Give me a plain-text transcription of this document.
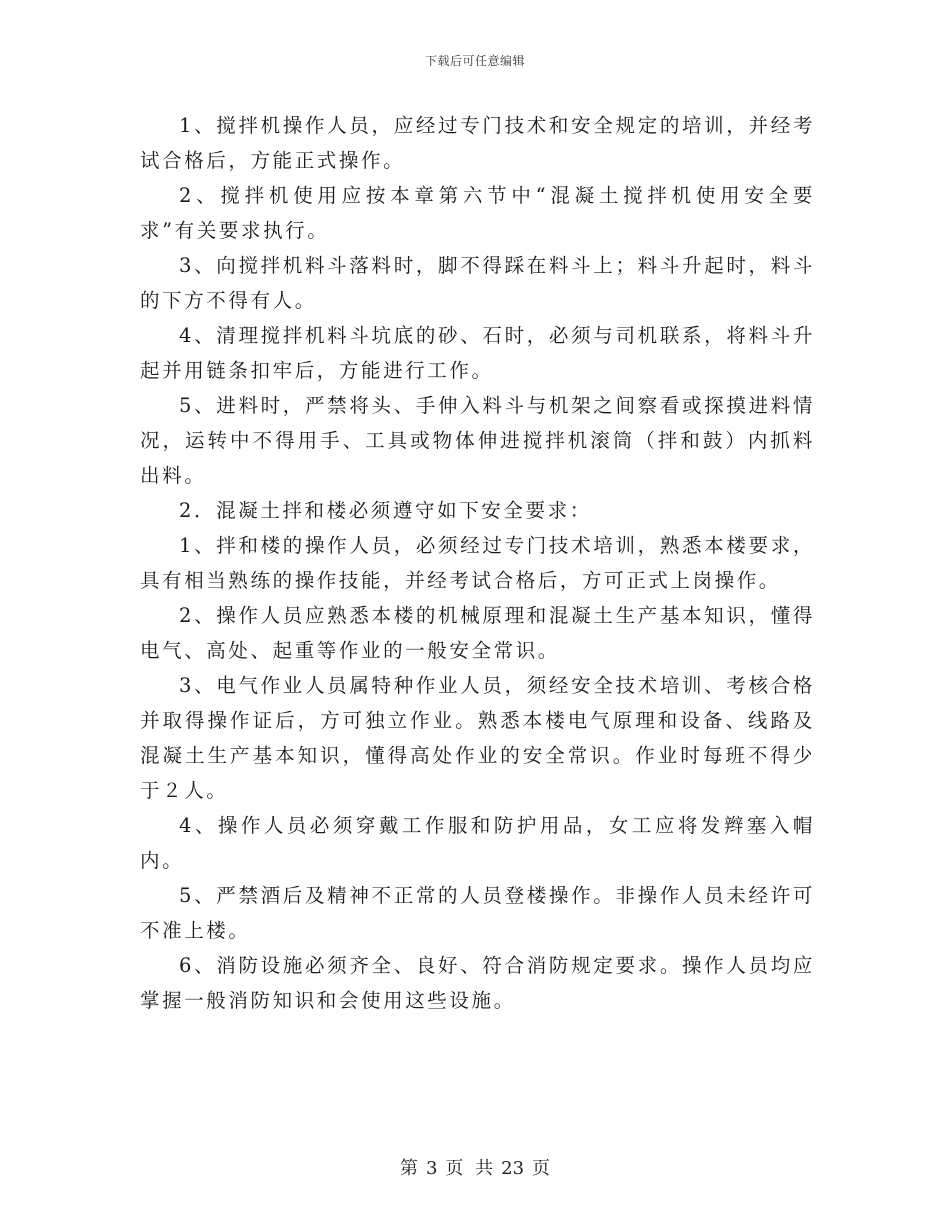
下载后可任意编辑

1、搅拌机操作人员，应经过专门技术和安全规定的培训，并经考试合格后，方能正式操作。

2、搅拌机使用应按本章第六节中“混凝土搅拌机使用安全要求”有关要求执行。

3、向搅拌机料斗落料时，脚不得踩在料斗上；料斗升起时，料斗的下方不得有人。

4、清理搅拌机料斗坑底的砂、石时，必须与司机联系，将料斗升起并用链条扣牢后，方能进行工作。

5、进料时，严禁将头、手伸入料斗与机架之间察看或探摸进料情况，运转中不得用手、工具或物体伸进搅拌机滚筒（拌和鼓）内抓料出料。

2．混凝土拌和楼必须遵守如下安全要求：

1、拌和楼的操作人员，必须经过专门技术培训，熟悉本楼要求，具有相当熟练的操作技能，并经考试合格后，方可正式上岗操作。

2、操作人员应熟悉本楼的机械原理和混凝土生产基本知识，懂得电气、高处、起重等作业的一般安全常识。

3、电气作业人员属特种作业人员，须经安全技术培训、考核合格并取得操作证后，方可独立作业。熟悉本楼电气原理和设备、线路及混凝土生产基本知识，懂得高处作业的安全常识。作业时每班不得少于２人。

4、操作人员必须穿戴工作服和防护用品，女工应将发辫塞入帽内。

5、严禁酒后及精神不正常的人员登楼操作。非操作人员未经许可不准上楼。

6、消防设施必须齐全、良好、符合消防规定要求。操作人员均应掌握一般消防知识和会使用这些设施。

第 3 页 共 23 页
